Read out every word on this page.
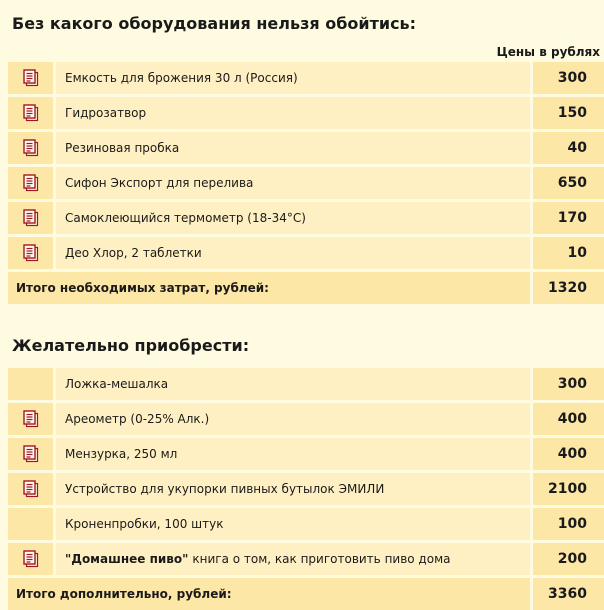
Без какого оборудования нельзя обойтись:
Цены в рублях
Емкость для брожения 30 л (Россия)	300
Гидрозатвор	150
Резиновая пробка	40
Сифон Экспорт для перелива	650
Самоклеющийся термометр (18-34°С)	170
Део Хлор, 2 таблетки	10
Итого необходимых затрат, рублей:	1320
Желательно приобрести:
Ложка-мешалка	300
Ареометр (0-25% Алк.)	400
Мензурка, 250 мл	400
Устройство для укупорки пивных бутылок ЭМИЛИ	2100
Кроненпробки, 100 штук	100
"Домашнее пиво" книга о том, как приготовить пиво дома	200
Итого дополнительно, рублей:	3360
